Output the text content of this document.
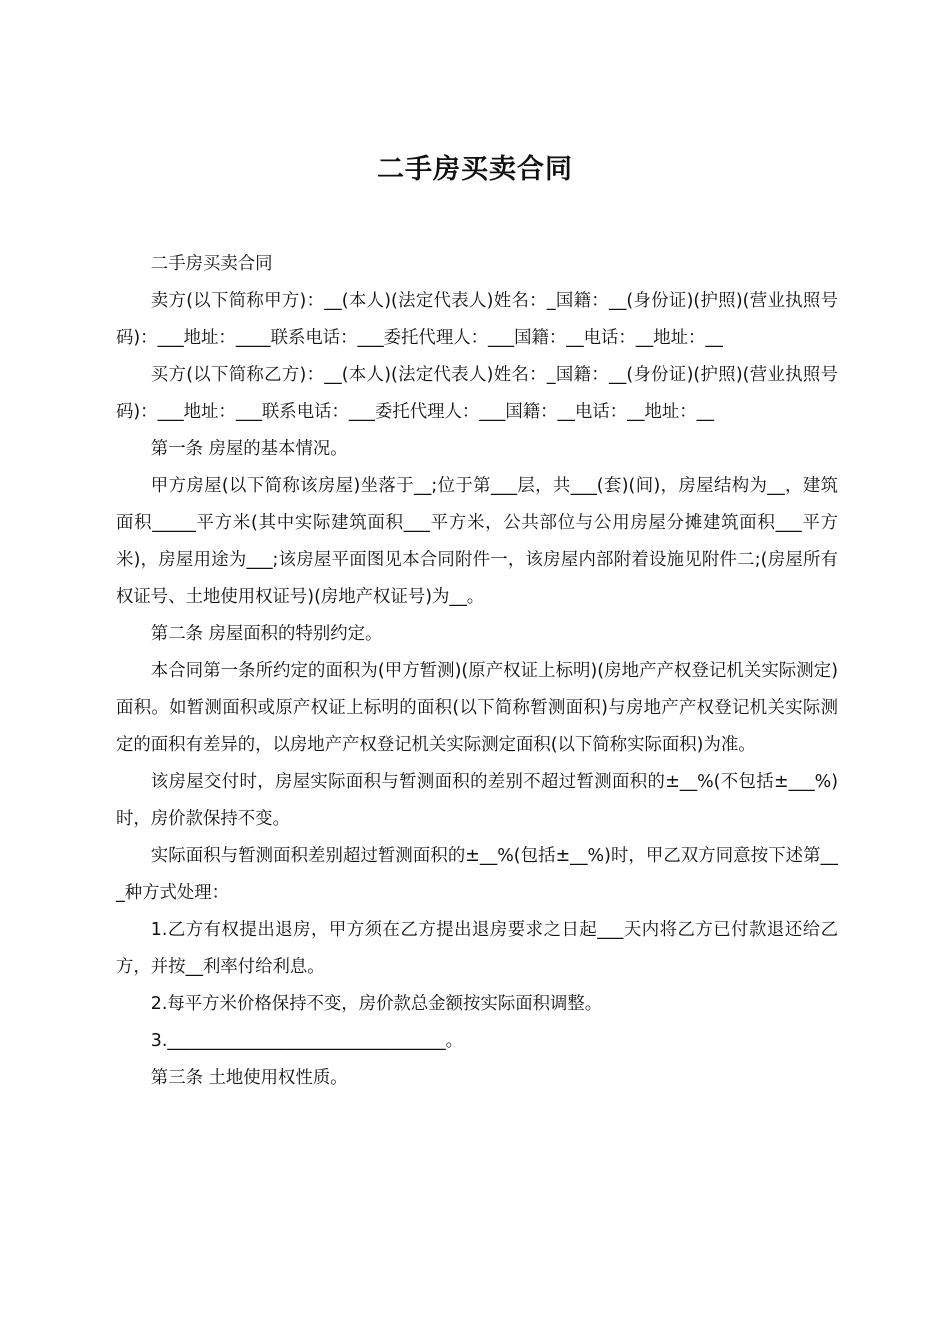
二手房买卖合同

二手房买卖合同

卖方(以下简称甲方)：__(本人)(法定代表人)姓名：_国籍：__(身份证)(护照)(营业执照号码)：___地址：____联系电话：___委托代理人：___国籍：__电话：__地址：__

买方(以下简称乙方)：__(本人)(法定代表人)姓名：_国籍：__(身份证)(护照)(营业执照号码)：___地址：___联系电话：___委托代理人：___国籍：__电话：__地址：__

第一条 房屋的基本情况。

甲方房屋(以下简称该房屋)坐落于__;位于第___层，共___(套)(间)，房屋结构为__，建筑面积_____平方米(其中实际建筑面积___平方米，公共部位与公用房屋分摊建筑面积___平方米)，房屋用途为___;该房屋平面图见本合同附件一，该房屋内部附着设施见附件二;(房屋所有权证号、土地使用权证号)(房地产权证号)为__。

第二条 房屋面积的特别约定。

本合同第一条所约定的面积为(甲方暂测)(原产权证上标明)(房地产产权登记机关实际测定)面积。如暂测面积或原产权证上标明的面积(以下简称暂测面积)与房地产产权登记机关实际测定的面积有差异的，以房地产产权登记机关实际测定面积(以下简称实际面积)为准。

该房屋交付时，房屋实际面积与暂测面积的差别不超过暂测面积的±__%(不包括±___%)时，房价款保持不变。

实际面积与暂测面积差别超过暂测面积的±__%(包括±__%)时，甲乙双方同意按下述第___种方式处理：

1.乙方有权提出退房，甲方须在乙方提出退房要求之日起___天内将乙方已付款退还给乙方，并按__利率付给利息。

2.每平方米价格保持不变，房价款总金额按实际面积调整。

3.________________________________。

第三条 土地使用权性质。
